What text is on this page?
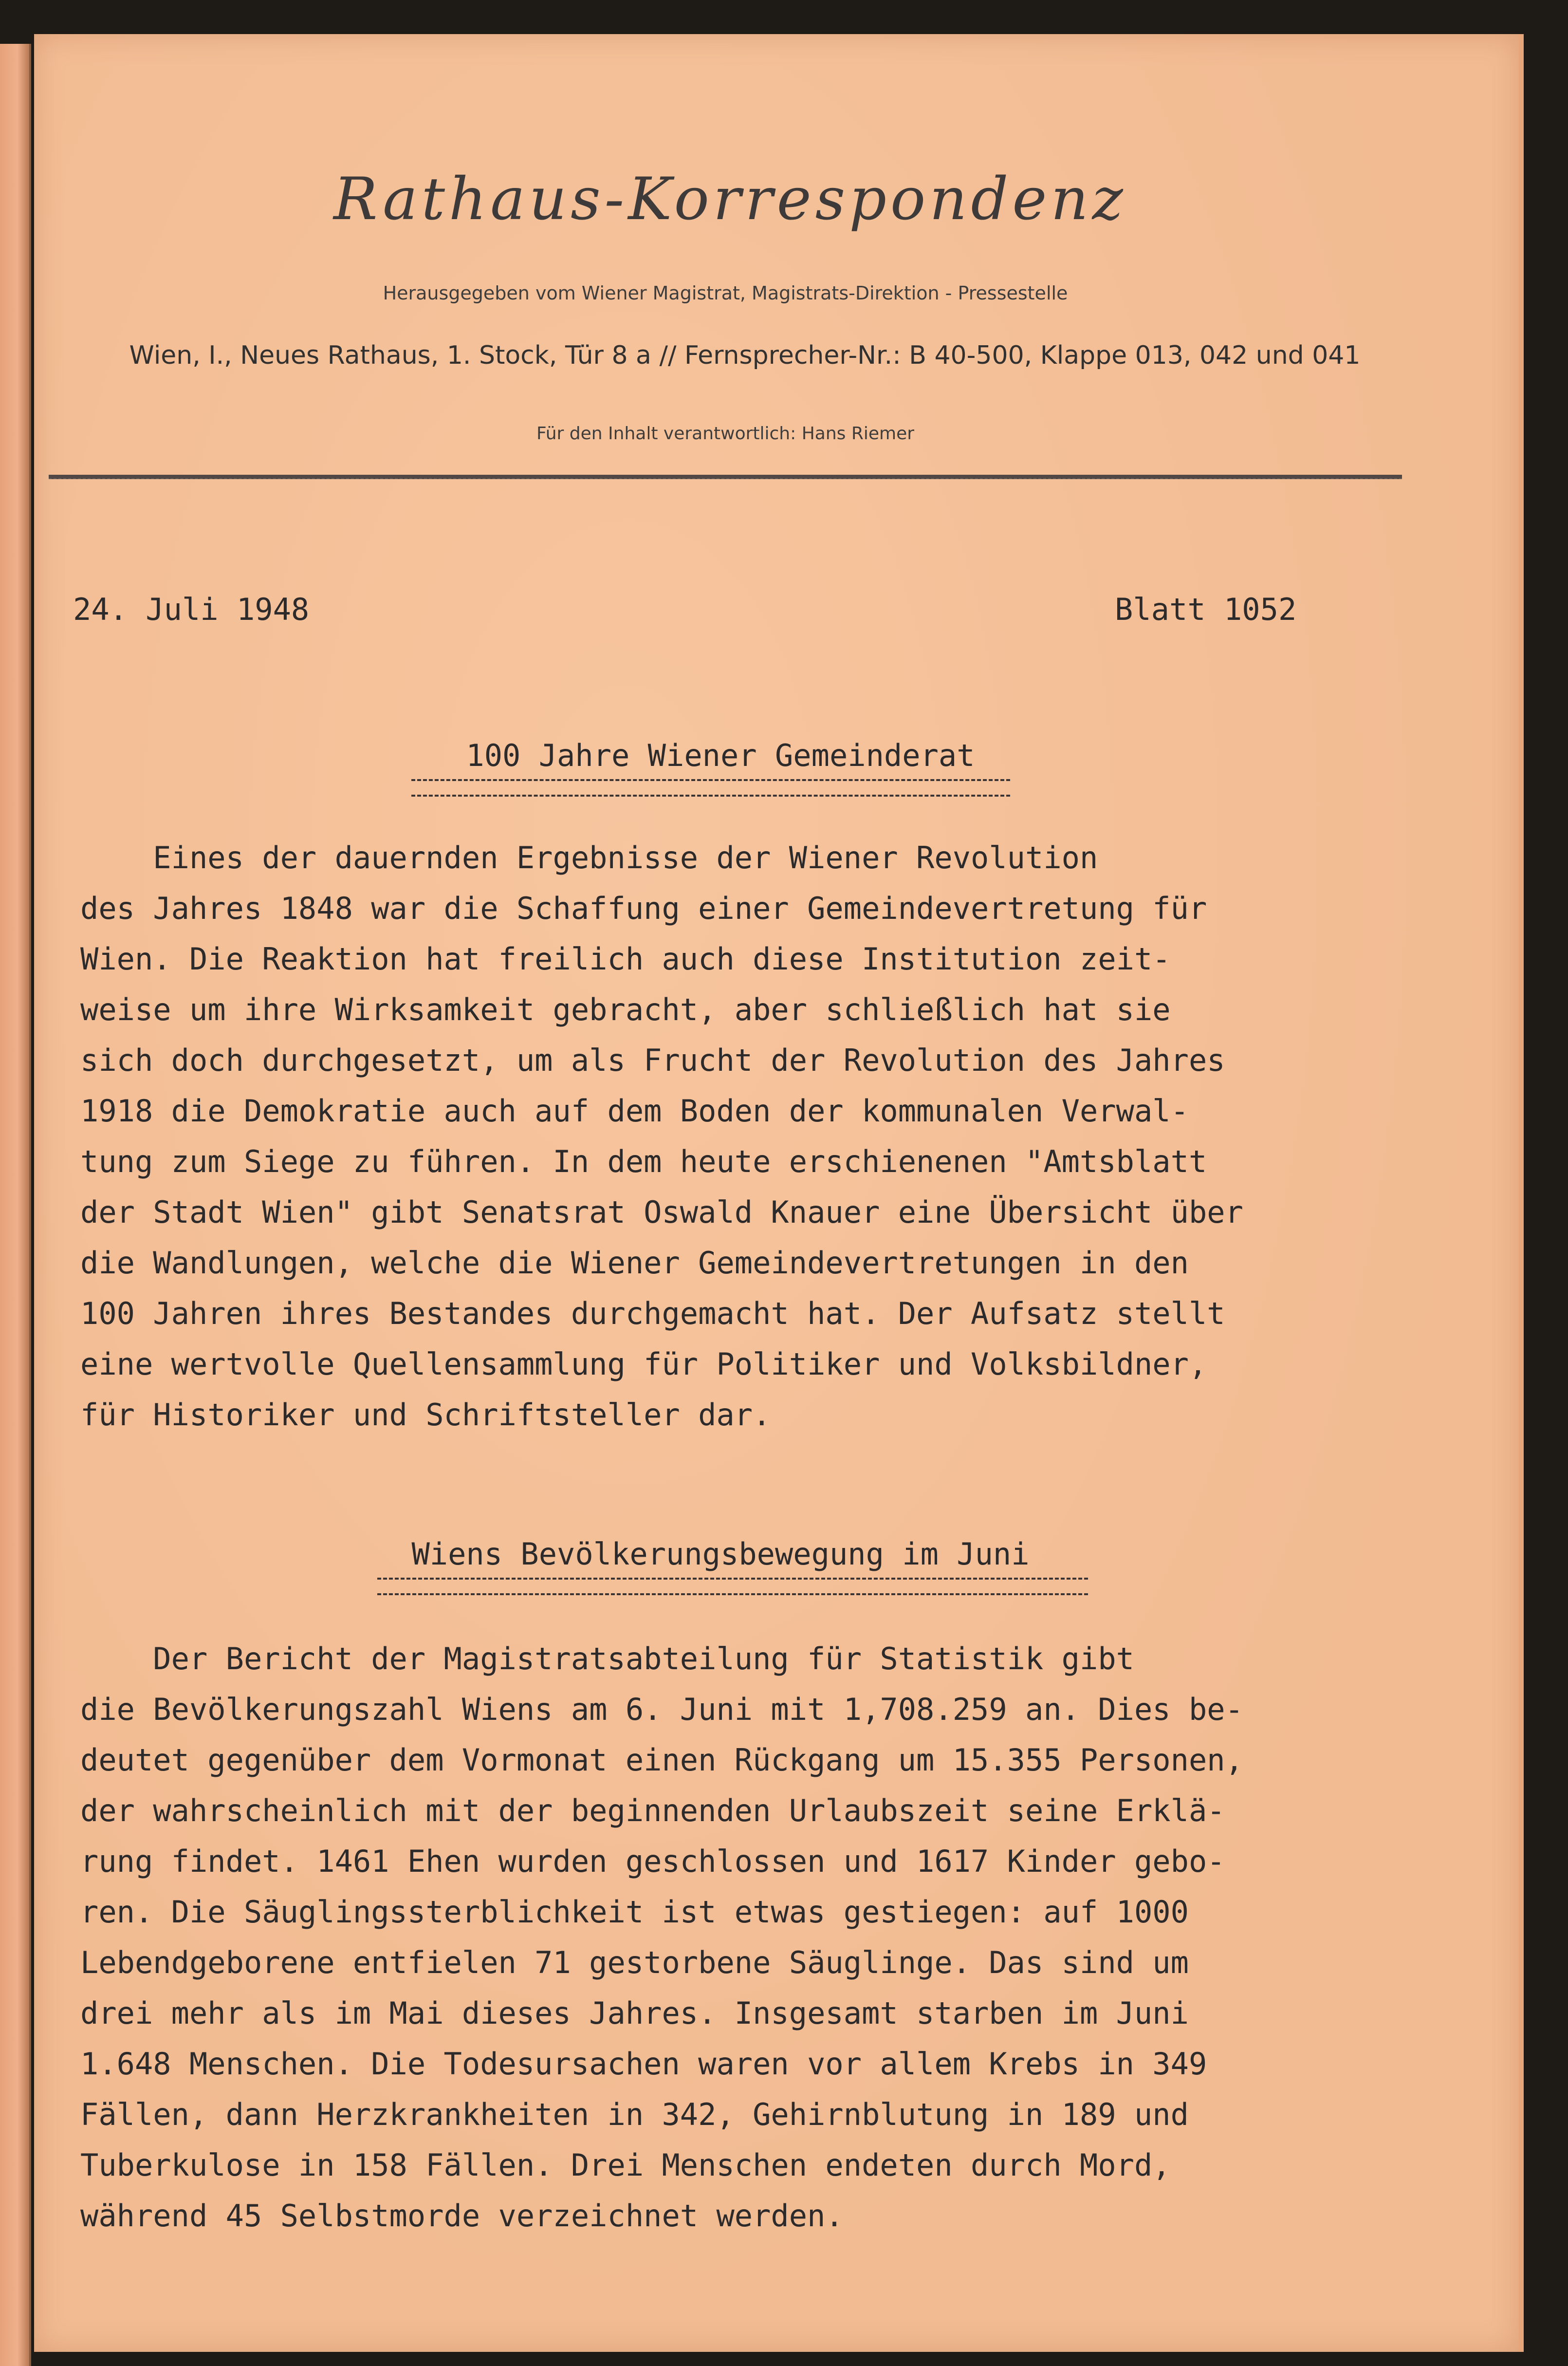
Rathaus-Korrespondenz
Herausgegeben vom Wiener Magistrat, Magistrats-Direktion - Pressestelle
Wien, I., Neues Rathaus, 1. Stock, Tür 8 a // Fernsprecher-Nr.: B 40-500, Klappe 013, 042 und 041
Für den Inhalt verantwortlich: Hans Riemer
24. Juli 1948	Blatt 1052
100 Jahre Wiener Gemeinderat
Eines der dauernden Ergebnisse der Wiener Revolution
des Jahres 1848 war die Schaffung einer Gemeindevertretung für
Wien. Die Reaktion hat freilich auch diese Institution zeit-
weise um ihre Wirksamkeit gebracht, aber schließlich hat sie
sich doch durchgesetzt, um als Frucht der Revolution des Jahres
1918 die Demokratie auch auf dem Boden der kommunalen Verwal-
tung zum Siege zu führen. In dem heute erschienenen "Amtsblatt
der Stadt Wien" gibt Senatsrat Oswald Knauer eine Übersicht über
die Wandlungen, welche die Wiener Gemeindevertretungen in den
100 Jahren ihres Bestandes durchgemacht hat. Der Aufsatz stellt
eine wertvolle Quellensammlung für Politiker und Volksbildner,
für Historiker und Schriftsteller dar.
Wiens Bevölkerungsbewegung im Juni
Der Bericht der Magistratsabteilung für Statistik gibt
die Bevölkerungszahl Wiens am 6. Juni mit 1,708.259 an. Dies be-
deutet gegenüber dem Vormonat einen Rückgang um 15.355 Personen,
der wahrscheinlich mit der beginnenden Urlaubszeit seine Erklä-
rung findet. 1461 Ehen wurden geschlossen und 1617 Kinder gebo-
ren. Die Säuglingssterblichkeit ist etwas gestiegen: auf 1000
Lebendgeborene entfielen 71 gestorbene Säuglinge. Das sind um
drei mehr als im Mai dieses Jahres. Insgesamt starben im Juni
1.648 Menschen. Die Todesursachen waren vor allem Krebs in 349
Fällen, dann Herzkrankheiten in 342, Gehirnblutung in 189 und
Tuberkulose in 158 Fällen. Drei Menschen endeten durch Mord,
während 45 Selbstmorde verzeichnet werden.
